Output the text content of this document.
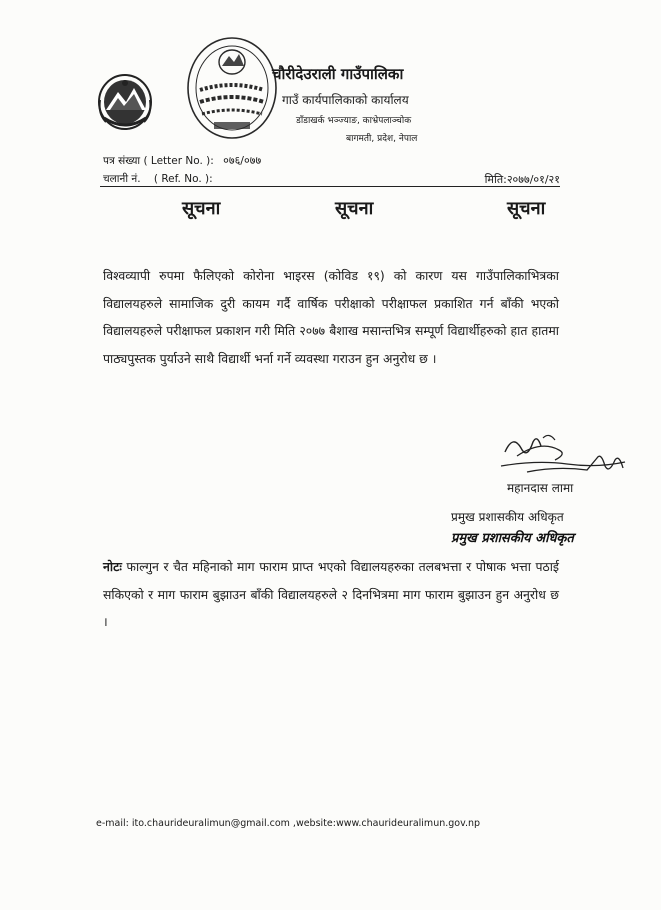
चौरीदेउराली गाउँपालिका
गाउँ कार्यपालिकाको कार्यालय
डाँडाखर्क भञ्ज्याङ, काभ्रेपलाञ्चोक
बागमती, प्रदेश, नेपाल
पत्र संख्या ( Letter No. ): ०७६/०७७
चलानी नं. ( Ref. No. ):	मिति:२०७७/०१/२१
सूचना	सूचना	सूचना
विश्वव्यापी रुपमा फैलिएको कोरोना भाइरस (कोविड १९) को कारण यस गाउँपालिकाभित्रका विद्यालयहरुले सामाजिक दुरी कायम गर्दै वार्षिक परीक्षाको परीक्षाफल प्रकाशित गर्न बाँकी भएको विद्यालयहरुले परीक्षाफल प्रकाशन गरी मिति २०७७ बैशाख मसान्तभित्र सम्पूर्ण विद्यार्थीहरुको हात हातमा पाठ्यपुस्तक पुर्याउने साथै विद्यार्थी भर्ना गर्ने व्यवस्था गराउन हुन अनुरोध छ ।
महानदास लामा
प्रमुख प्रशासकीय अधिकृत
प्रमुख प्रशासकीय अधिकृत
नोटः फाल्गुन र चैत महिनाको माग फाराम प्राप्त भएको विद्यालयहरुका तलबभत्ता र पोषाक भत्ता पठाई सकिएको र माग फाराम बुझाउन बाँकी विद्यालयहरुले २ दिनभित्रमा माग फाराम बुझाउन हुन अनुरोध छ ।
e-mail: ito.chaurideuralimun@gmail.com ,website:www.chaurideuralimun.gov.np
